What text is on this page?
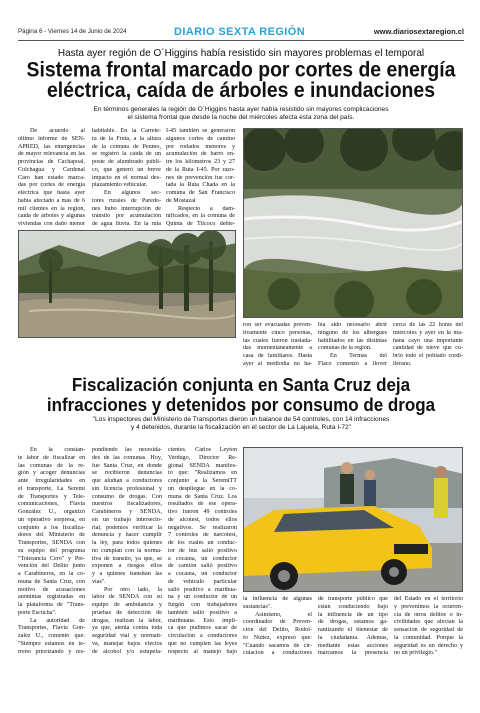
Página 6 - Viernes 14 de Junio de 2024	DIARIO SEXTA REGIÓN	www.diariosextaregion.cl
Hasta ayer región de O´Higgins había resistido sin mayores problemas el temporal
Sistema frontal marcado por cortes de energía
eléctrica, caída de árboles e inundaciones
En términos generales la región de O´Higgins hasta ayer había resistido sin mayores complicaciones
el sistema frontal que desde la noche del miércoles afecta esta zona del país.
De acuerdo al
último informe de SEN-
APRED, las emergencias
de mayor relevancia en las
provincias de Cachapoal,
Colchagua y Cardenal
Caro han estado marca-
das por cortes de energía
eléctrica que hasta ayer
había afectado a más de 6
mil clientes en la región,
caída de árboles y algunas
viviendas con daño menor
habitable. En la Carrete-
ra de la Fruta, a la altura
de la comuna de Peumo,
se registró la caída de un
poste de alumbrado públi-
co, que generó un breve
impacto en el normal des-
plazamiento vehicular.
En algunos sec-
tores rurales de Paredo-
nes hubo interrupción de
tránsito por acumulación
de agua lluvia. En la ruta
I-45 también se generaron
algunos cortes de camino
por rodados menores y
acumulación de barro en-
tre los kilómetros 23 y 27
de la Ruta I-45. Por razo-
nes de prevención fue cor-
tada la Ruta Chada en la
comuna de San Francisco
de Mostazal
Respecto a dam-
nificados, en la comuna de
Quinta de Tilcoco debie-
ron ser evacuadas preven-
tivamente cinco personas,
las cuales fueron traslada-
das momentáneamente a
casa de familiares. Hasta
ayer al mediodía no ha-
bía sido necesario abrir
ninguno de los albergues
habilitados en las distintas
comunas de la región.
En Termas del
Flaco comenzó a llover
cerca de las 22 horas del
miércoles y ayer en la ma-
ñana cayó una importante
cantidad de nieve que cu-
brió todo el poblado cordi-
llerano.
Fiscalización conjunta en Santa Cruz deja
infracciones y detenidos por consumo de droga
"Los inspectores del Ministerio de Transportes dieron un balance de 54 controles, con 14 infracciones
y 4 detenidos, durante la fiscalización en el sector de La Lajuela, Ruta I-72"
En la constan-
te labor de fiscalizar en
las comunas de la re-
gión y acoger denuncias
ante irregularidades en
el transporte, La Seremi
de Transportes y Tele-
comunicaciones, Flavia
González U., organizó
un operativo sorpresa, en
conjunto a los fiscaliza-
dores del Ministerio de
Transportes, SENDA con
su equipo del programa
"Tolerancia Cero" y Pre-
vención del Delito junto
a Carabineros, en la co-
muna de Santa Cruz, con
motivo de acusaciones
anónimas registradas en
la plataforma de "Trans-
porte Escucha".
La autoridad de
Transportes, Flavia Gon-
zález U., comentó que:
"Siempre estamos en te-
rreno priorizando y res-
pondiendo las necesida-
des de las comunas. Hoy,
fue Santa Cruz, en donde
se recibieron denuncias
que aludían a conductores
sin licencia profesional y
consumo de drogas. Con
nuestros fiscalizadores,
Carabineros y SENDA,
en un trabajo intersecto-
rial, podemos verificar la
denuncia y hacer cumplir
la ley, para todos quienes
no cumplan con la norma-
tiva de tránsito, ya que, se
exponen a riesgos ellos
y a quienes transitan las
vías".
Por otro lado, la
labor de SENDA con su
equipo de ambulancia y
pruebas de detección de
drogas, realizan la labor,
ya que, atenta contra toda
seguridad vial y normati-
va, manejar bajos efectos
de alcohol y/o estupefa-
cientes. Carlos Leyton
Verdugo, Director Re-
gional SENDA manifes-
tó que: "Realizamos en
conjunto a la SeremiTT
un despliegue en la co-
muna de Santa Cruz. Los
resultados de ese opera-
tivo fueron 49 controles
de alcotest, todos ellos
negativos. Se realizaron
7 controles de narcotest,
de los cuales un conduc-
tor de bus salió positivo
a cocaína, un conductor
de camión salió positivo
a cocaína, un conductor
de vehículo particular
salió positivo a marihua-
na y un conductor de un
furgón con trabajadores
también salió positivo a
marihuana. Esto impli-
ca que pudimos sacar de
circulación a conductores
que no cumplen las leyes
respecto al manejo bajo
la influencia de algunas
sustancias".
Asimismo, el
coordinador de Preven-
ción del Delito, Rodol-
fo Núñez, expresó que:
"Cuando sacamos de cir-
culación a conductores
de transporte público que
están conduciendo bajo
la influencia de un tipo
de drogas, estamos ga-
rantizando el bienestar de
la ciudadanía. Además,
mediante estas acciones
marcamos la presencia
del Estado en el territorio
y prevenimos la ocurren-
cia de otros delitos o in-
civilidades que afectan la
sensación de seguridad de
la comunidad. Porque la
seguridad es un derecho y
no un privilegio."
